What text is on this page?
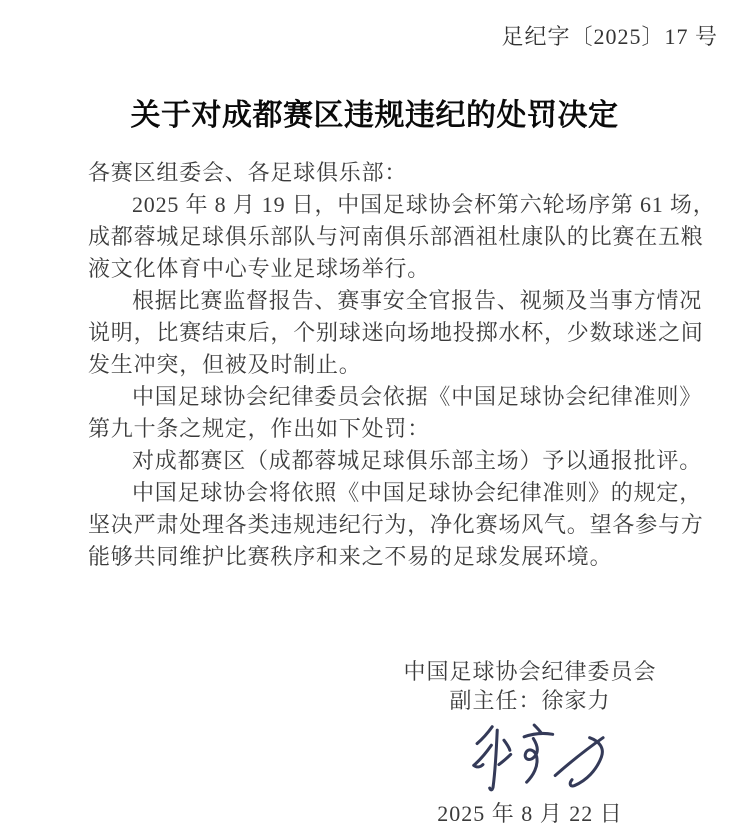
足纪字〔2025〕17 号
关于对成都赛区违规违纪的处罚决定
各赛区组委会、各足球俱乐部：
2025 年 8 月 19 日，中国足球协会杯第六轮场序第 61 场，
成都蓉城足球俱乐部队与河南俱乐部酒祖杜康队的比赛在五粮
液文化体育中心专业足球场举行。
根据比赛监督报告、赛事安全官报告、视频及当事方情况
说明，比赛结束后，个别球迷向场地投掷水杯，少数球迷之间
发生冲突，但被及时制止。
中国足球协会纪律委员会依据《中国足球协会纪律准则》
第九十条之规定，作出如下处罚：
对成都赛区（成都蓉城足球俱乐部主场）予以通报批评。
中国足球协会将依照《中国足球协会纪律准则》的规定，
坚决严肃处理各类违规违纪行为，净化赛场风气。望各参与方
能够共同维护比赛秩序和来之不易的足球发展环境。
中国足球协会纪律委员会
副主任：徐家力
2025 年 8 月 22 日
